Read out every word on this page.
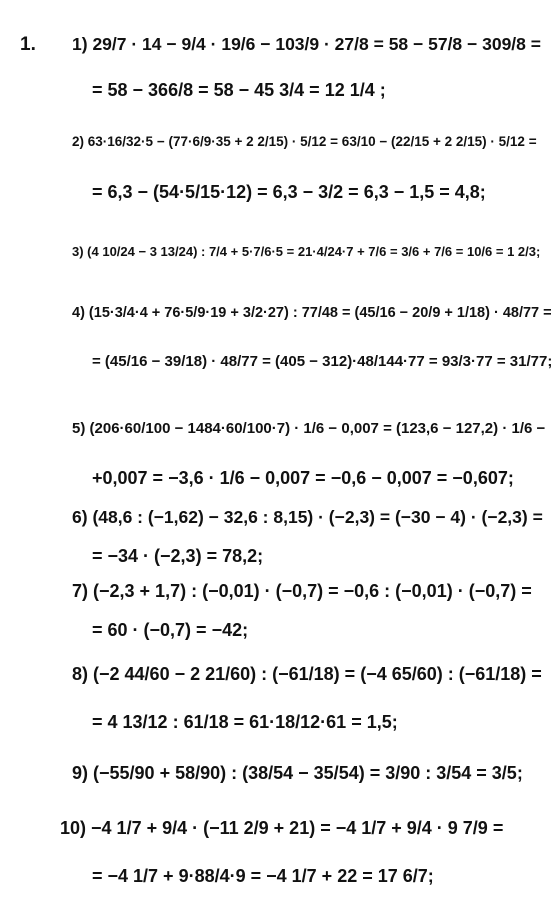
1. 1) 29/7 · 14 − 9/4 · 19/6 − 103/9 · 27/8 = 58 − 57/8 − 309/8 =
= 58 − 366/8 = 58 − 45 3/4 = 12 1/4 ;
2) 63·16/32·5 − (77·6/9·35 + 2 2/15) · 5/12 = 63/10 − (22/15 + 2 2/15) · 5/12 =
= 6,3 − (54·5/15·12) = 6,3 − 3/2 = 6,3 − 1,5 = 4,8;
3) (4 10/24 − 3 13/24) : 7/4 + 5·7/6·5 = 21·4/24·7 + 7/6 = 3/6 + 7/6 = 10/6 = 1 2/3;
4) (15·3/4·4 + 76·5/9·19 + 3/2·27) : 77/48 = (45/16 − 20/9 + 1/18) · 48/77 =
= (45/16 − 39/18) · 48/77 = (405 − 312)·48/144·77 = 93/3·77 = 31/77;
5) (206·60/100 − 1484·60/100·7) · 1/6 − 0,007 = (123,6 − 127,2) · 1/6 −
+0,007 = −3,6 · 1/6 − 0,007 = −0,6 − 0,007 = −0,607;
6) (48,6 : (−1,62) − 32,6 : 8,15) · (−2,3) = (−30 − 4) · (−2,3) =
= −34 · (−2,3) = 78,2;
7) (−2,3 + 1,7) : (−0,01) · (−0,7) = −0,6 : (−0,01) · (−0,7) =
= 60 · (−0,7) = −42;
8) (−2 44/60 − 2 21/60) : (−61/18) = (−4 65/60) : (−61/18) =
= 4 13/12 : 61/18 = 61·18/12·61 = 1,5;
9) (−55/90 + 58/90) : (38/54 − 35/54) = 3/90 : 3/54 = 3/5;
10) −4 1/7 + 9/4 · (−11 2/9 + 21) = −4 1/7 + 9/4 · 9 7/9 =
= −4 1/7 + 9·88/4·9 = −4 1/7 + 22 = 17 6/7;
